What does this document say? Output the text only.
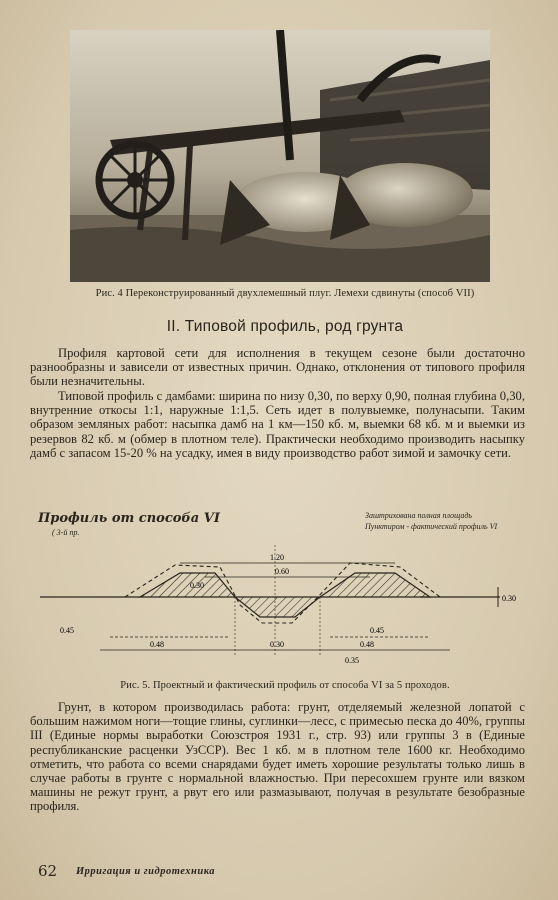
Рис. 4 Переконструированный двухлемешный плуг. Лемехи сдвинуты (способ VII)
II. Типовой профиль, род грунта
Профиля картовой сети для исполнения в текущем сезоне были достаточно разнообразны и зависели от известных причин. Однако, отклонения от типового профиля были незначительны.
Типовой профиль с дамбами: ширина по низу 0,30, по верху 0,90, полная глубина 0,30, внутренние откосы 1:1, наружные 1:1,5. Сеть идет в полувыемке, полунасыпи. Таким образом земляных работ: насыпка дамб на 1 км—150 кб. м, выемки 68 кб. м и выемки из резервов 82 кб. м (обмер в плотном теле). Практически необходимо производить насыпку дамб с запасом 15-20 % на усадку, имея в виду производство работ зимой и замочку сети.
Профиль от способа VI
( 3-й пр.
Заштрихована полная площадь
Пунктиром - фактический профиль VI
1.20
0.60
0.30
0.48	0.30	0.48
0.45
0.35
0.45
0.30
Рис. 5. Проектный и фактический профиль от способа VI за 5 проходов.
Грунт, в котором производилась работа: грунт, отделяемый железной лопатой с большим нажимом ноги—тощие глины, суглинки—лесс, с примесью песка до 40%, группы III (Единые нормы выработки Союзстроя 1931 г., стр. 93) или группы 3 в (Единые республиканские расценки УзССР). Вес 1 кб. м в плотном теле 1600 кг. Необходимо отметить, что работа со всеми снарядами будет иметь хорошие результаты только лишь в случае работы в грунте с нормальной влажностью. При пересохшем грунте или вязком машины не режут грунт, а рвут его или размазывают, получая в результате безобразные профиля.
62 Ирригация и гидротехника
